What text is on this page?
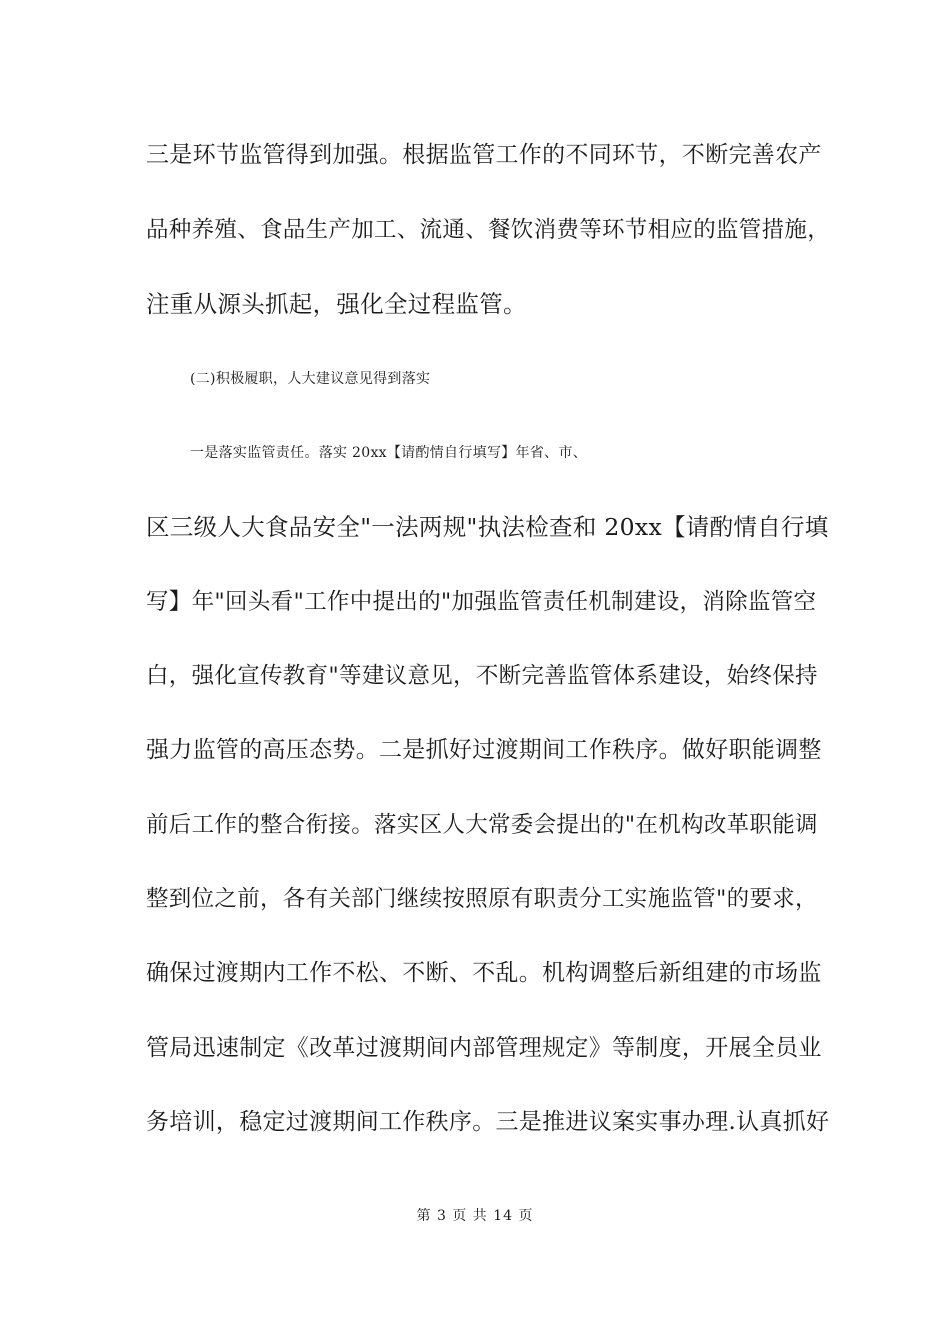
三是环节监管得到加强。根据监管工作的不同环节，不断完善农产
品种养殖、食品生产加工、流通、餐饮消费等环节相应的监管措施，
注重从源头抓起，强化全过程监管。
(二)积极履职，人大建议意见得到落实
一是落实监管责任。落实 20xx【请酌情自行填写】年省、市、
区三级人大食品安全"一法两规"执法检查和 20xx【请酌情自行填
写】年"回头看"工作中提出的"加强监管责任机制建设，消除监管空
白，强化宣传教育"等建议意见，不断完善监管体系建设，始终保持
强力监管的高压态势。二是抓好过渡期间工作秩序。做好职能调整
前后工作的整合衔接。落实区人大常委会提出的"在机构改革职能调
整到位之前，各有关部门继续按照原有职责分工实施监管"的要求，
确保过渡期内工作不松、不断、不乱。机构调整后新组建的市场监
管局迅速制定《改革过渡期间内部管理规定》等制度，开展全员业
务培训，稳定过渡期间工作秩序。三是推进议案实事办理.认真抓好
第 3 页 共 14 页
